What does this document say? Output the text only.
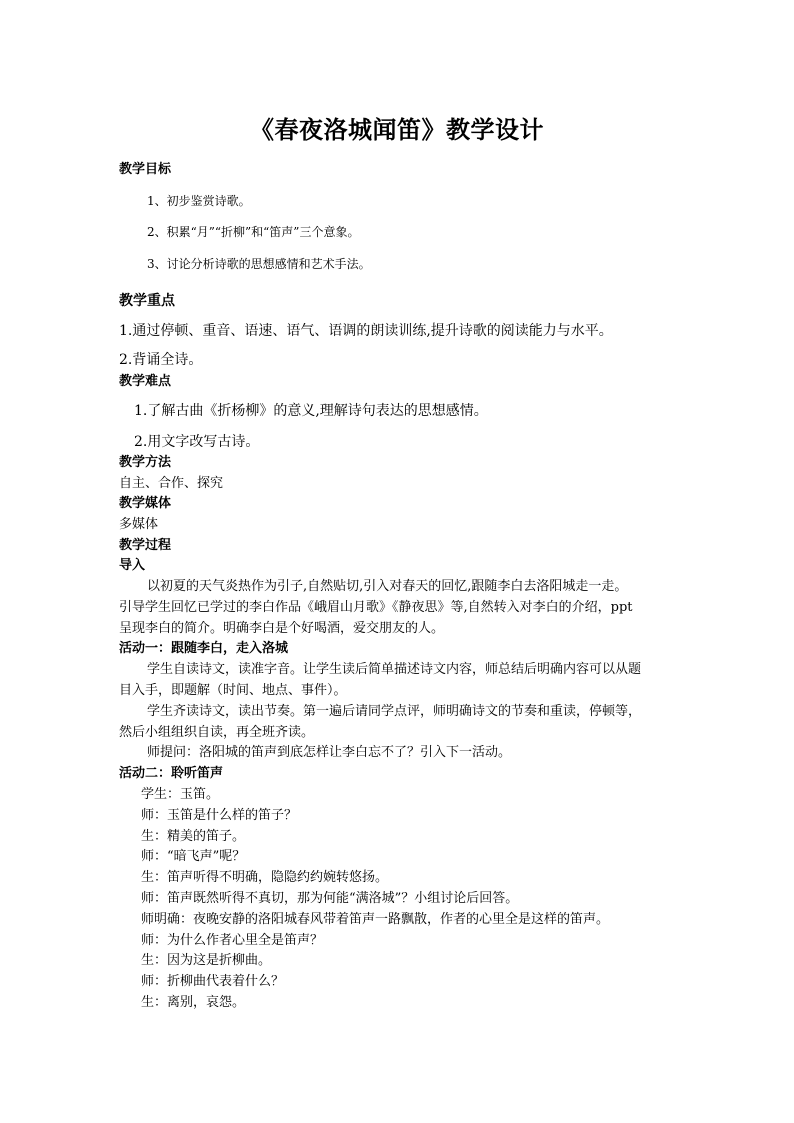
《春夜洛城闻笛》教学设计
教学目标
1、初步鉴赏诗歌。
2、积累“月”“折柳”和“笛声”三个意象。
3、讨论分析诗歌的思想感情和艺术手法。
教学重点
1.通过停顿、重音、语速、语气、语调的朗读训练,提升诗歌的阅读能力与水平。
2.背诵全诗。
教学难点
1.了解古曲《折杨柳》的意义,理解诗句表达的思想感情。
2.用文字改写古诗。
教学方法
自主、合作、探究
教学媒体
多媒体
教学过程
导入
以初夏的天气炎热作为引子,自然贴切,引入对春天的回忆,跟随李白去洛阳城走一走。
引导学生回忆已学过的李白作品《峨眉山月歌》《静夜思》等,自然转入对李白的介绍，ppt
呈现李白的简介。明确李白是个好喝酒，爱交朋友的人。
活动一：跟随李白，走入洛城
学生自读诗文，读准字音。让学生读后简单描述诗文内容，师总结后明确内容可以从题
目入手，即题解（时间、地点、事件）。
学生齐读诗文，读出节奏。第一遍后请同学点评，师明确诗文的节奏和重读，停顿等，
然后小组组织自读，再全班齐读。
师提问：洛阳城的笛声到底怎样让李白忘不了？引入下一活动。
活动二：聆听笛声
学生：玉笛。
师：玉笛是什么样的笛子？
生：精美的笛子。
师：“暗飞声”呢？
生：笛声听得不明确，隐隐约约婉转悠扬。
师：笛声既然听得不真切，那为何能“满洛城”？小组讨论后回答。
师明确：夜晚安静的洛阳城春风带着笛声一路飘散，作者的心里全是这样的笛声。
师：为什么作者心里全是笛声？
生：因为这是折柳曲。
师：折柳曲代表着什么？
生：离别，哀怨。
